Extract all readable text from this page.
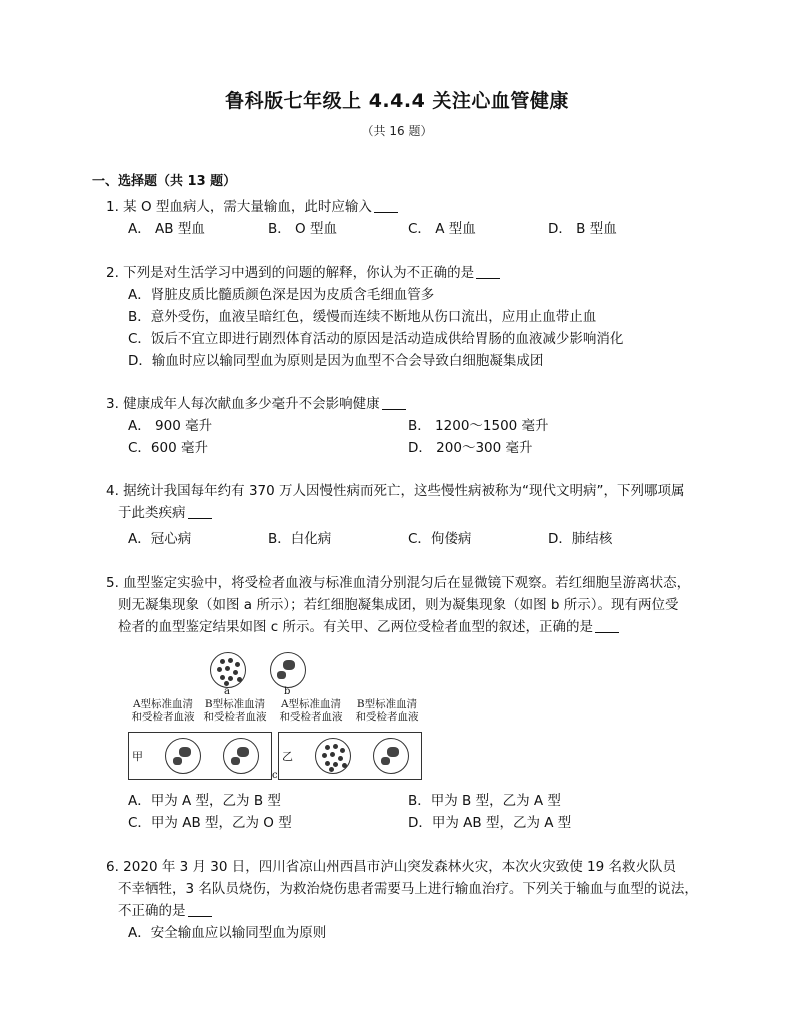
鲁科版七年级上 4.4.4 关注心血管健康
（共 16 题）
一、选择题（共 13 题）
1. 某 O 型血病人，需大量输血，此时应输入
A． AB 型血	B． O 型血	C． A 型血	D． B 型血
2. 下列是对生活学习中遇到的问题的解释，你认为不正确的是
A．肾脏皮质比髓质颜色深是因为皮质含毛细血管多
B．意外受伤，血液呈暗红色，缓慢而连续不断地从伤口流出，应用止血带止血
C．饭后不宜立即进行剧烈体育活动的原因是活动造成供给胃肠的血液减少影响消化
D．输血时应以输同型血为原则是因为血型不合会导致白细胞凝集成团
3. 健康成年人每次献血多少毫升不会影响健康
A． 900 毫升	B． 1200～1500 毫升
C．600 毫升	D． 200～300 毫升
4. 据统计我国每年约有 370 万人因慢性病而死亡，这些慢性病被称为“现代文明病”，下列哪项属
于此类疾病
A．冠心病	B．白化病	C．佝偻病	D．肺结核
5. 血型鉴定实验中，将受检者血液与标准血清分别混匀后在显微镜下观察。若红细胞呈游离状态，
则无凝集现象（如图 a 所示）；若红细胞凝集成团，则为凝集现象（如图 b 所示）。现有两位受
检者的血型鉴定结果如图 c 所示。有关甲、乙两位受检者血型的叙述，正确的是
a	b
A型标准血清
和受检者血液
B型标准血清
和受检者血液
A型标准血清
和受检者血液
B型标准血清
和受检者血液
甲	乙
c
A．甲为 A 型，乙为 B 型	B．甲为 B 型，乙为 A 型
C．甲为 AB 型，乙为 O 型	D．甲为 AB 型，乙为 A 型
6. 2020 年 3 月 30 日，四川省凉山州西昌市泸山突发森林火灾，本次火灾致使 19 名救火队员
不幸牺牲，3 名队员烧伤，为救治烧伤患者需要马上进行输血治疗。下列关于输血与血型的说法，
不正确的是
A．安全输血应以输同型血为原则
